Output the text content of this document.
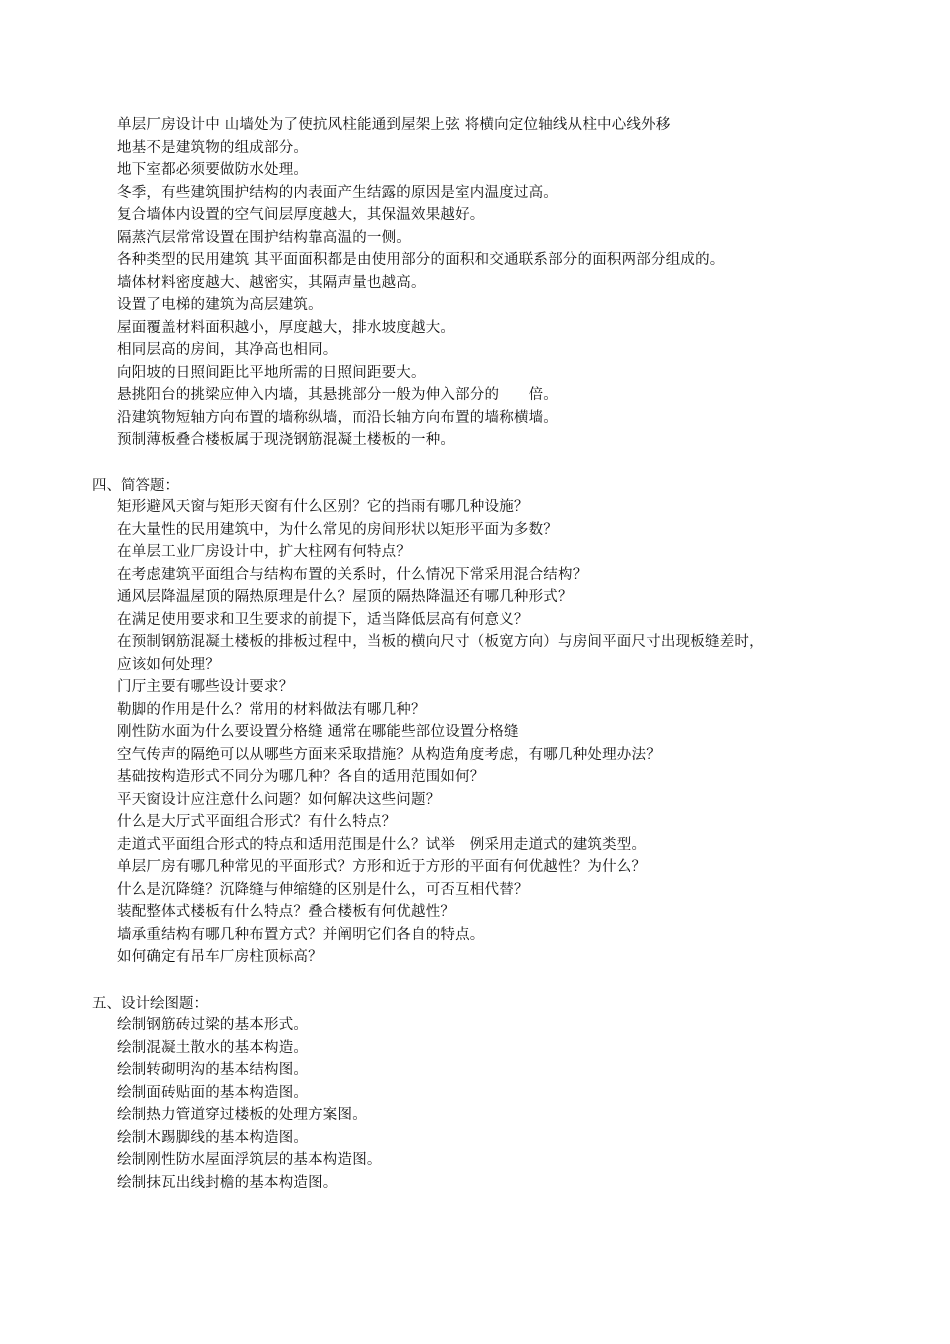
单层厂房设计中 山墙处为了使抗风柱能通到屋架上弦 将横向定位轴线从柱中心线外移
地基不是建筑物的组成部分。
地下室都必须要做防水处理。
冬季，有些建筑围护结构的内表面产生结露的原因是室内温度过高。
复合墙体内设置的空气间层厚度越大，其保温效果越好。
隔蒸汽层常常设置在围护结构靠高温的一侧。
各种类型的民用建筑 其平面面积都是由使用部分的面积和交通联系部分的面积两部分组成的。
墙体材料密度越大、越密实，其隔声量也越高。
设置了电梯的建筑为高层建筑。
屋面覆盖材料面积越小，厚度越大，排水坡度越大。
相同层高的房间，其净高也相同。
向阳坡的日照间距比平地所需的日照间距要大。
悬挑阳台的挑梁应伸入内墙，其悬挑部分一般为伸入部分的　　倍。
沿建筑物短轴方向布置的墙称纵墙，而沿长轴方向布置的墙称横墙。
预制薄板叠合楼板属于现浇钢筋混凝土楼板的一种。
四、简答题：
矩形避风天窗与矩形天窗有什么区别？它的挡雨有哪几种设施？
在大量性的民用建筑中，为什么常见的房间形状以矩形平面为多数？
在单层工业厂房设计中，扩大柱网有何特点？
在考虑建筑平面组合与结构布置的关系时，什么情况下常采用混合结构？
通风层降温屋顶的隔热原理是什么？屋顶的隔热降温还有哪几种形式？
在满足使用要求和卫生要求的前提下，适当降低层高有何意义？
在预制钢筋混凝土楼板的排板过程中，当板的横向尺寸（板宽方向）与房间平面尺寸出现板缝差时，
应该如何处理？
门厅主要有哪些设计要求？
勒脚的作用是什么？常用的材料做法有哪几种？
刚性防水面为什么要设置分格缝 通常在哪能些部位设置分格缝
空气传声的隔绝可以从哪些方面来采取措施？从构造角度考虑，有哪几种处理办法？
基础按构造形式不同分为哪几种？各自的适用范围如何？
平天窗设计应注意什么问题？如何解决这些问题？
什么是大厅式平面组合形式？有什么特点？
走道式平面组合形式的特点和适用范围是什么？试举　例采用走道式的建筑类型。
单层厂房有哪几种常见的平面形式？方形和近于方形的平面有何优越性？为什么？
什么是沉降缝？沉降缝与伸缩缝的区别是什么，可否互相代替？
装配整体式楼板有什么特点？叠合楼板有何优越性？
墙承重结构有哪几种布置方式？并阐明它们各自的特点。
如何确定有吊车厂房柱顶标高？
五、设计绘图题：
绘制钢筋砖过梁的基本形式。
绘制混凝土散水的基本构造。
绘制转砌明沟的基本结构图。
绘制面砖贴面的基本构造图。
绘制热力管道穿过楼板的处理方案图。
绘制木踢脚线的基本构造图。
绘制刚性防水屋面浮筑层的基本构造图。
绘制抹瓦出线封檐的基本构造图。
